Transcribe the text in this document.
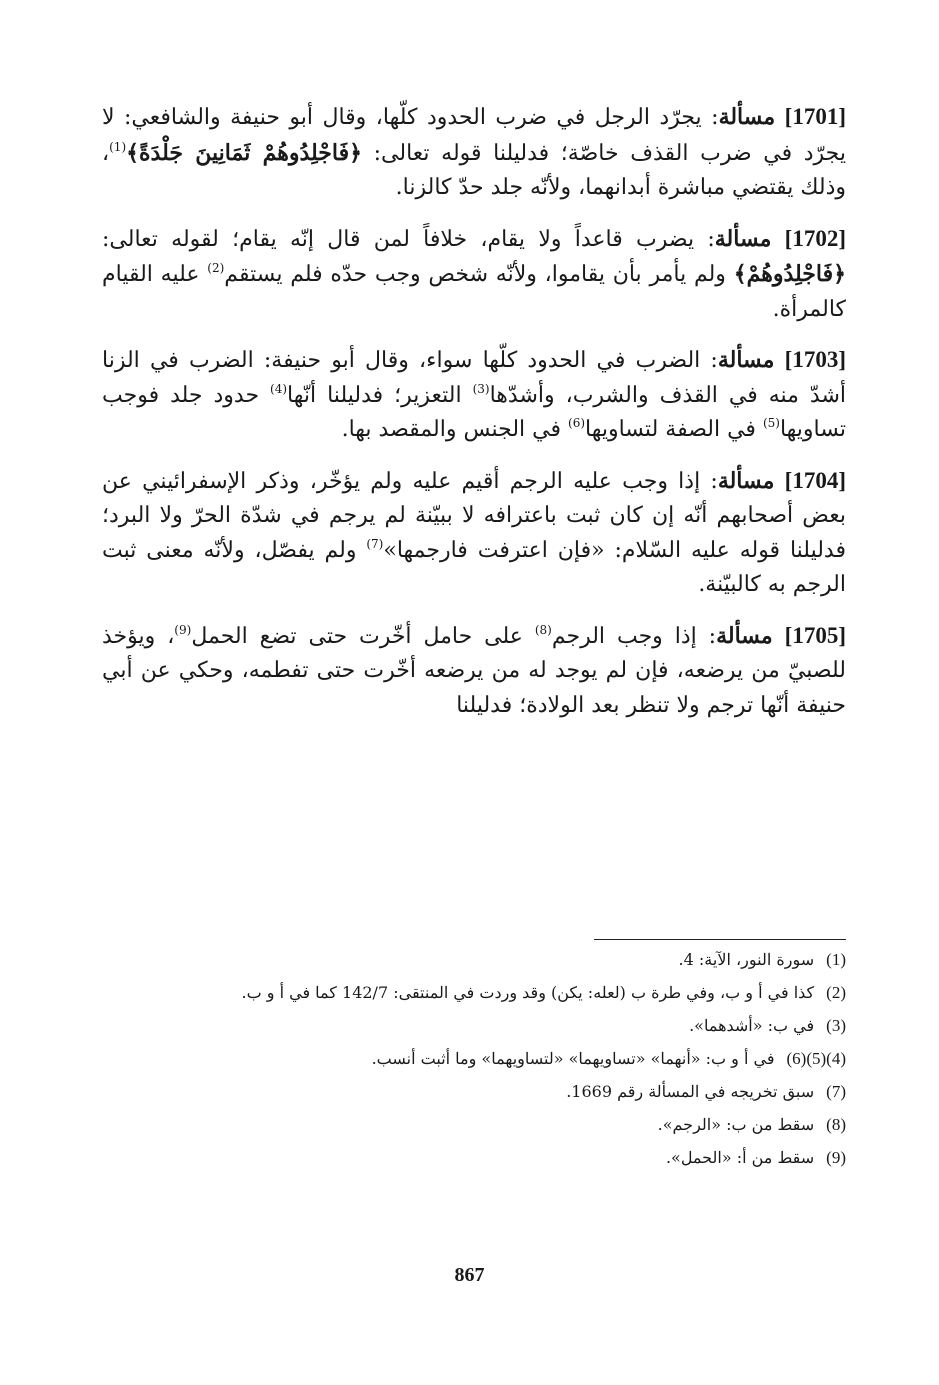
[1701] مسألة: يجرّد الرجل في ضرب الحدود كلّها، وقال أبو حنيفة والشافعي: لا يجرّد في ضرب القذف خاصّة؛ فدليلنا قوله تعالى: ﴿فَاجْلِدُوهُمْ ثَمَانِينَ جَلْدَةً﴾$^{(1)}$، وذلك يقتضي مباشرة أبدانهما، ولأنّه جلد حدّ كالزنا.

[1702] مسألة: يضرب قاعداً ولا يقام، خلافاً لمن قال إنّه يقام؛ لقوله تعالى: ﴿فَاجْلِدُوهُمْ﴾ ولم يأمر بأن يقاموا، ولأنّه شخص وجب حدّه فلم يستقم$^{(2)}$ عليه القيام كالمرأة.

[1703] مسألة: الضرب في الحدود كلّها سواء، وقال أبو حنيفة: الضرب في الزنا أشدّ منه في القذف والشرب، وأشدّها$^{(3)}$ التعزير؛ فدليلنا أنّها$^{(4)}$ حدود جلد فوجب تساويها$^{(5)}$ في الصفة لتساويها$^{(6)}$ في الجنس والمقصد بها.

[1704] مسألة: إذا وجب عليه الرجم أقيم عليه ولم يؤخّر، وذكر الإسفرائيني عن بعض أصحابهم أنّه إن كان ثبت باعترافه لا ببيّنة لم يرجم في شدّة الحرّ ولا البرد؛ فدليلنا قوله عليه السّلام: «فإن اعترفت فارجمها»$^{(7)}$ ولم يفصّل، ولأنّه معنى ثبت الرجم به كالبيّنة.

[1705] مسألة: إذا وجب الرجم$^{(8)}$ على حامل أخّرت حتى تضع الحمل$^{(9)}$، ويؤخذ للصبيّ من يرضعه، فإن لم يوجد له من يرضعه أخّرت حتى تفطمه، وحكي عن أبي حنيفة أنّها ترجم ولا تنظر بعد الولادة؛ فدليلنا

(1)
سورة النور، الآية: 4.
(2)
كذا في أ و ب، وفي طرة ب (لعله: يكن) وقد وردت في المنتقى: 142/7 كما في أ و ب.
(3)
في ب: «أشدهما».
(4)(5)(6)
في أ و ب: «أنهما» «تساويهما» «لتساويهما» وما أثبت أنسب.
(7)
سبق تخريجه في المسألة رقم 1669.
(8)
سقط من ب: «الرجم».
(9)
سقط من أ: «الحمل».
867
